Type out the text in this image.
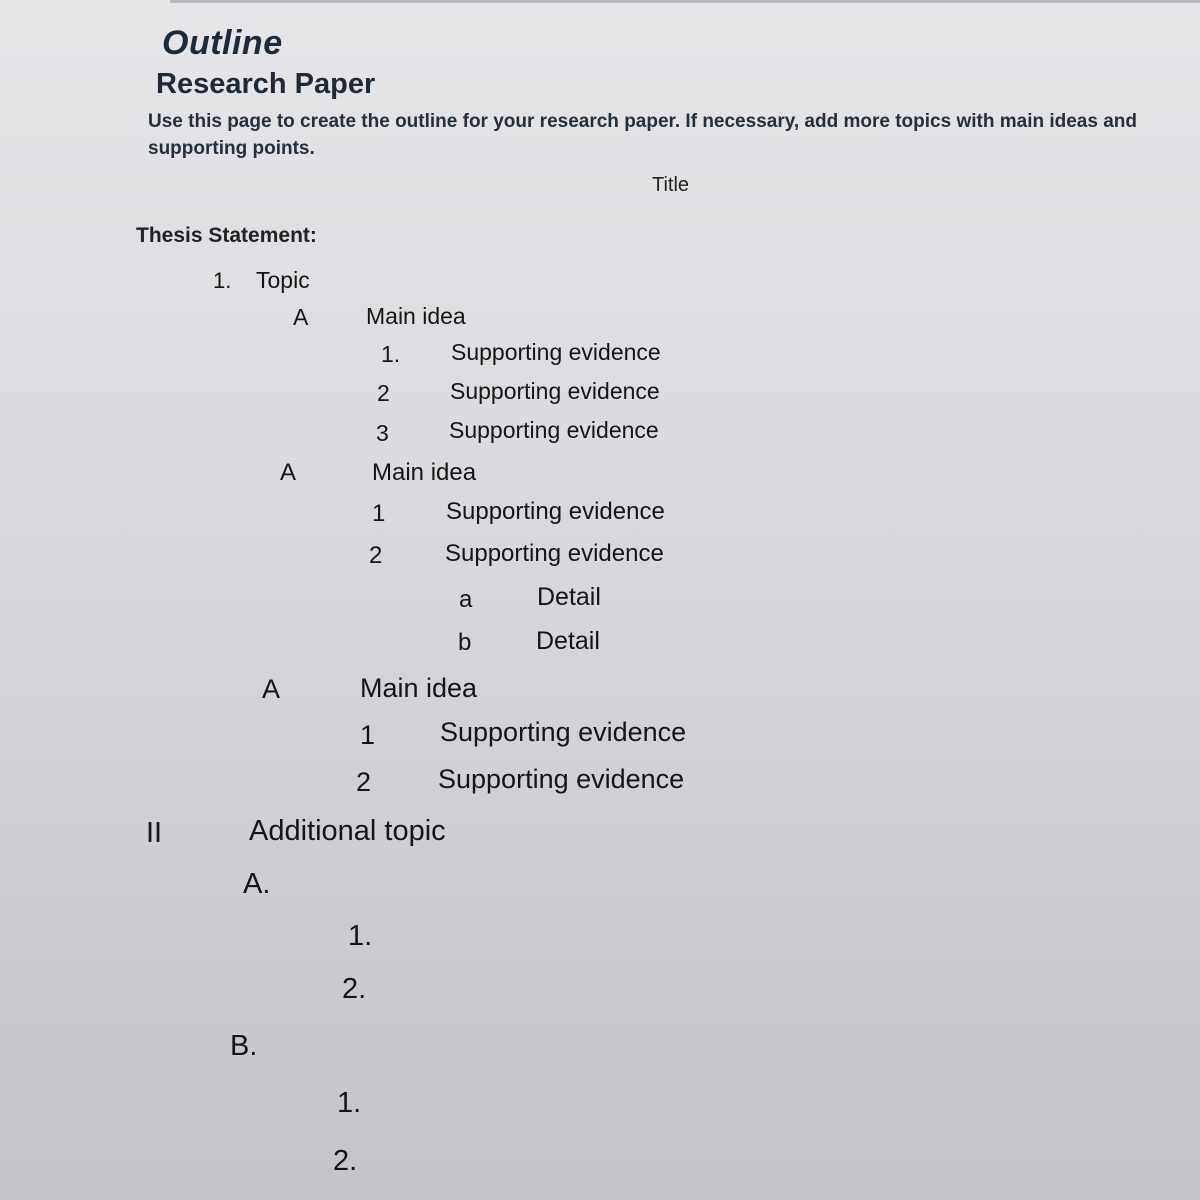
Outline
Research Paper
Use this page to create the outline for your research paper. If necessary, add more topics with main ideas and supporting points.
Title
Thesis Statement:
1. Topic
A	Main idea
1. Supporting evidence
2	Supporting evidence
3	Supporting evidence
A	Main idea
1	Supporting evidence
2	Supporting evidence
a	Detail
b	Detail
A	Main idea
1 Supporting evidence
2 Supporting evidence
II	Additional topic
A.
1.
2.
B.
1.
2.
